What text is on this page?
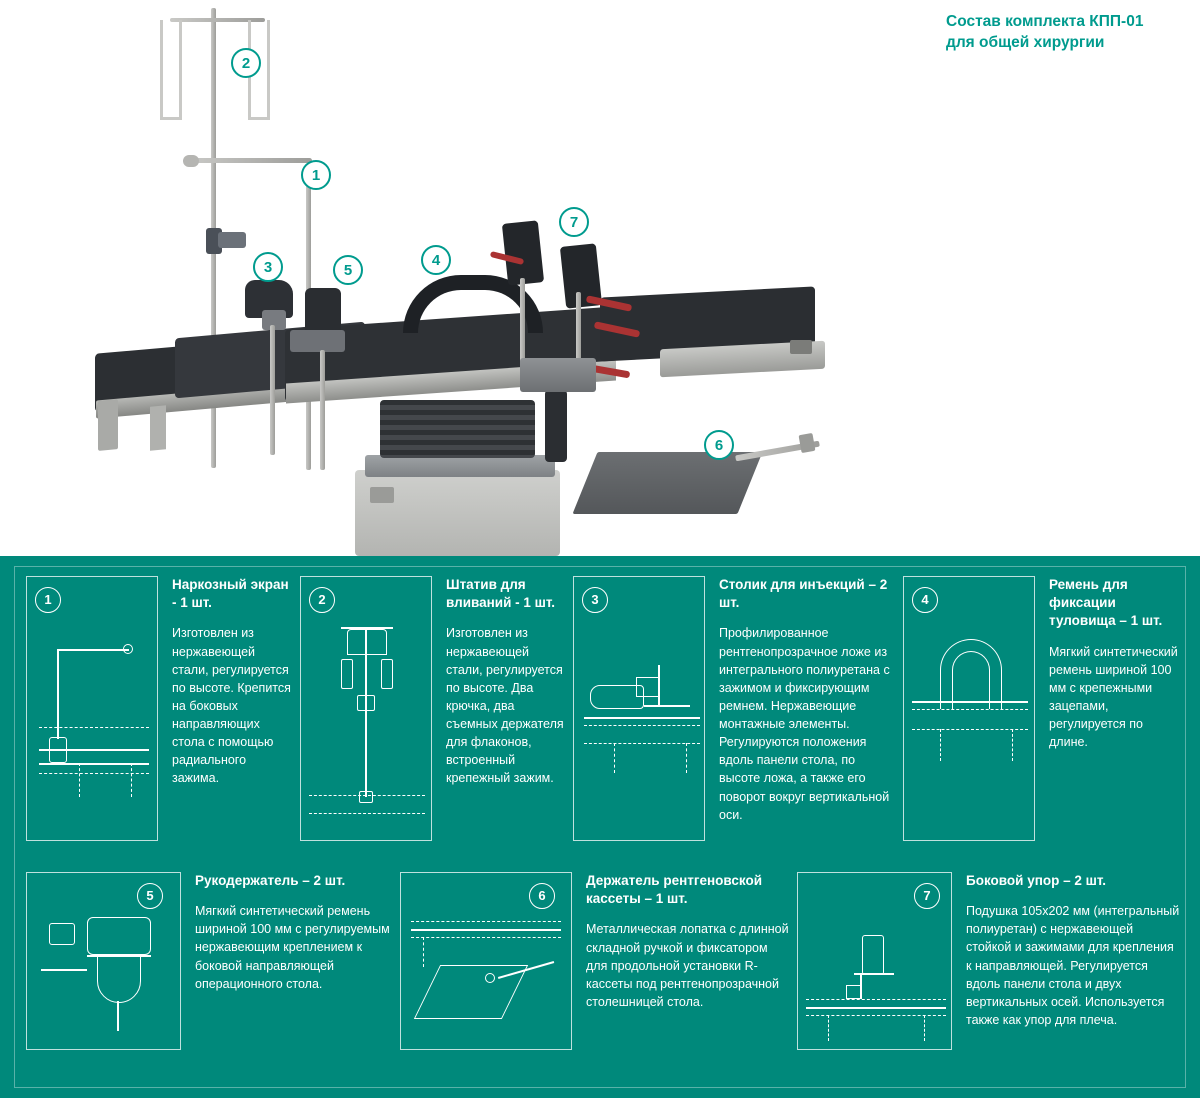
Состав комплекта КПП-01 для общей хирургии
2
1
3	5
4
7
6
1
Наркозный экран - 1 шт.
Изготовлен из нержавеющей стали, регулируется по высоте. Крепится на боковых направляющих стола с помощью радиального зажима.
2
Штатив для вливаний - 1 шт.
Изготовлен из нержавеющей стали, регулируется по высоте. Два крючка, два съемных держателя для флаконов, встроенный крепежный зажим.
3
Столик для инъекций – 2 шт.
Профилированное рентгенопрозрачное ложе из интегрального полиуретана с зажимом и фиксирующим ремнем. Нержавеющие монтажные элементы. Регулируются положения вдоль панели стола, по высоте ложа, а также его поворот вокруг вертикальной оси.
4
Ремень для фиксации туловища – 1 шт.
Мягкий синтетический ремень шириной 100 мм с крепежными зацепами, регулируется по длине.
5
Рукодержатель – 2 шт.
Мягкий синтетический ремень шириной 100 мм с регулируемым нержавеющим креплением к боковой направляющей операционного стола.
6
Держатель рентгеновской кассеты – 1 шт.
Металлическая лопатка с длинной складной ручкой и фиксатором для продольной установки R-кассеты под рентгенопрозрачной столешницей стола.
7
Боковой упор – 2 шт.
Подушка 105x202 мм (интегральный полиуретан) с нержавеющей стойкой и зажимами для крепления к направляющей. Регулируется вдоль панели стола и двух вертикальных осей. Используется также как упор для плеча.
